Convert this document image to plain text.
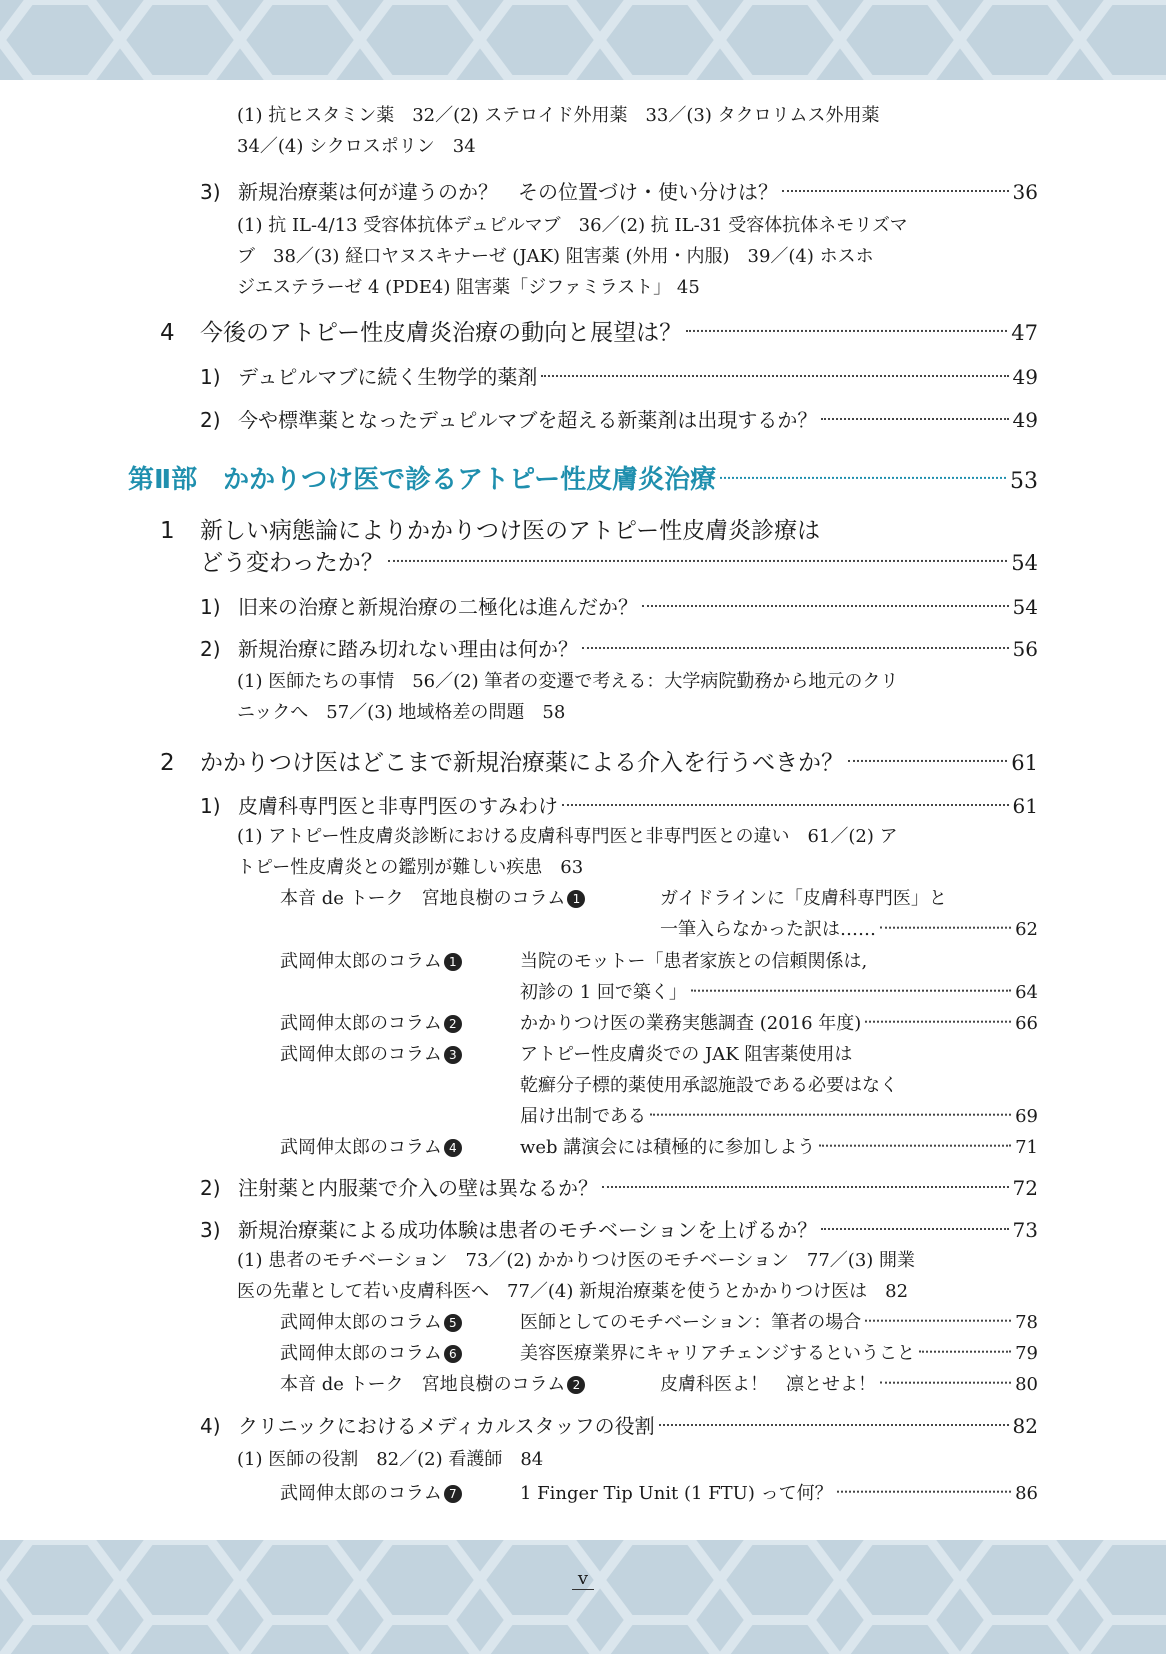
(1) 抗ヒスタミン薬　32／(2) ステロイド外用薬　33／(3) タクロリムス外用薬
34／(4) シクロスポリン　34
3) 新規治療薬は何が違うのか？　その位置づけ・使い分けは？	36
(1) 抗 IL-4/13 受容体抗体デュピルマブ　36／(2) 抗 IL-31 受容体抗体ネモリズマ
ブ　38／(3) 経口ヤヌスキナーゼ (JAK) 阻害薬 (外用・内服)　39／(4) ホスホ
ジエステラーゼ 4 (PDE4) 阻害薬「ジファミラスト」 45
4	今後のアトピー性皮膚炎治療の動向と展望は？	47
1) デュピルマブに続く生物学的薬剤	49
2) 今や標準薬となったデュピルマブを超える新薬剤は出現するか？	49
第Ⅱ部　かかりつけ医で診るアトピー性皮膚炎治療	53
1	新しい病態論によりかかりつけ医のアトピー性皮膚炎診療は
どう変わったか？	54
1) 旧来の治療と新規治療の二極化は進んだか？	54
2) 新規治療に踏み切れない理由は何か？	56
(1) 医師たちの事情　56／(2) 筆者の変遷で考える：大学病院勤務から地元のクリ
ニックへ　57／(3) 地域格差の問題　58
2	かかりつけ医はどこまで新規治療薬による介入を行うべきか？	61
1) 皮膚科専門医と非専門医のすみわけ	61
(1) アトピー性皮膚炎診断における皮膚科専門医と非専門医との違い　61／(2) ア
トピー性皮膚炎との鑑別が難しい疾患　63
本音 de トーク　宮地良樹のコラム 1	ガイドラインに「皮膚科専門医」と
一筆入らなかった訳は……	62
武岡伸太郎のコラム 1	当院のモットー「患者家族との信頼関係は,
初診の 1 回で築く」	64
武岡伸太郎のコラム 2	かかりつけ医の業務実態調査 (2016 年度)	66
武岡伸太郎のコラム 3	アトピー性皮膚炎での JAK 阻害薬使用は
乾癬分子標的薬使用承認施設である必要はなく
届け出制である	69
武岡伸太郎のコラム 4	web 講演会には積極的に参加しよう	71
2) 注射薬と内服薬で介入の壁は異なるか？	72
3) 新規治療薬による成功体験は患者のモチベーションを上げるか？	73
(1) 患者のモチベーション　73／(2) かかりつけ医のモチベーション　77／(3) 開業
医の先輩として若い皮膚科医へ　77／(4) 新規治療薬を使うとかかりつけ医は　82
武岡伸太郎のコラム 5	医師としてのモチベーション：筆者の場合	78
武岡伸太郎のコラム 6	美容医療業界にキャリアチェンジするということ	79
本音 de トーク　宮地良樹のコラム 2	皮膚科医よ！　凛とせよ！	80
4) クリニックにおけるメディカルスタッフの役割	82
(1) 医師の役割　82／(2) 看護師　84
武岡伸太郎のコラム 7	1 Finger Tip Unit (1 FTU) って何？	86
v
